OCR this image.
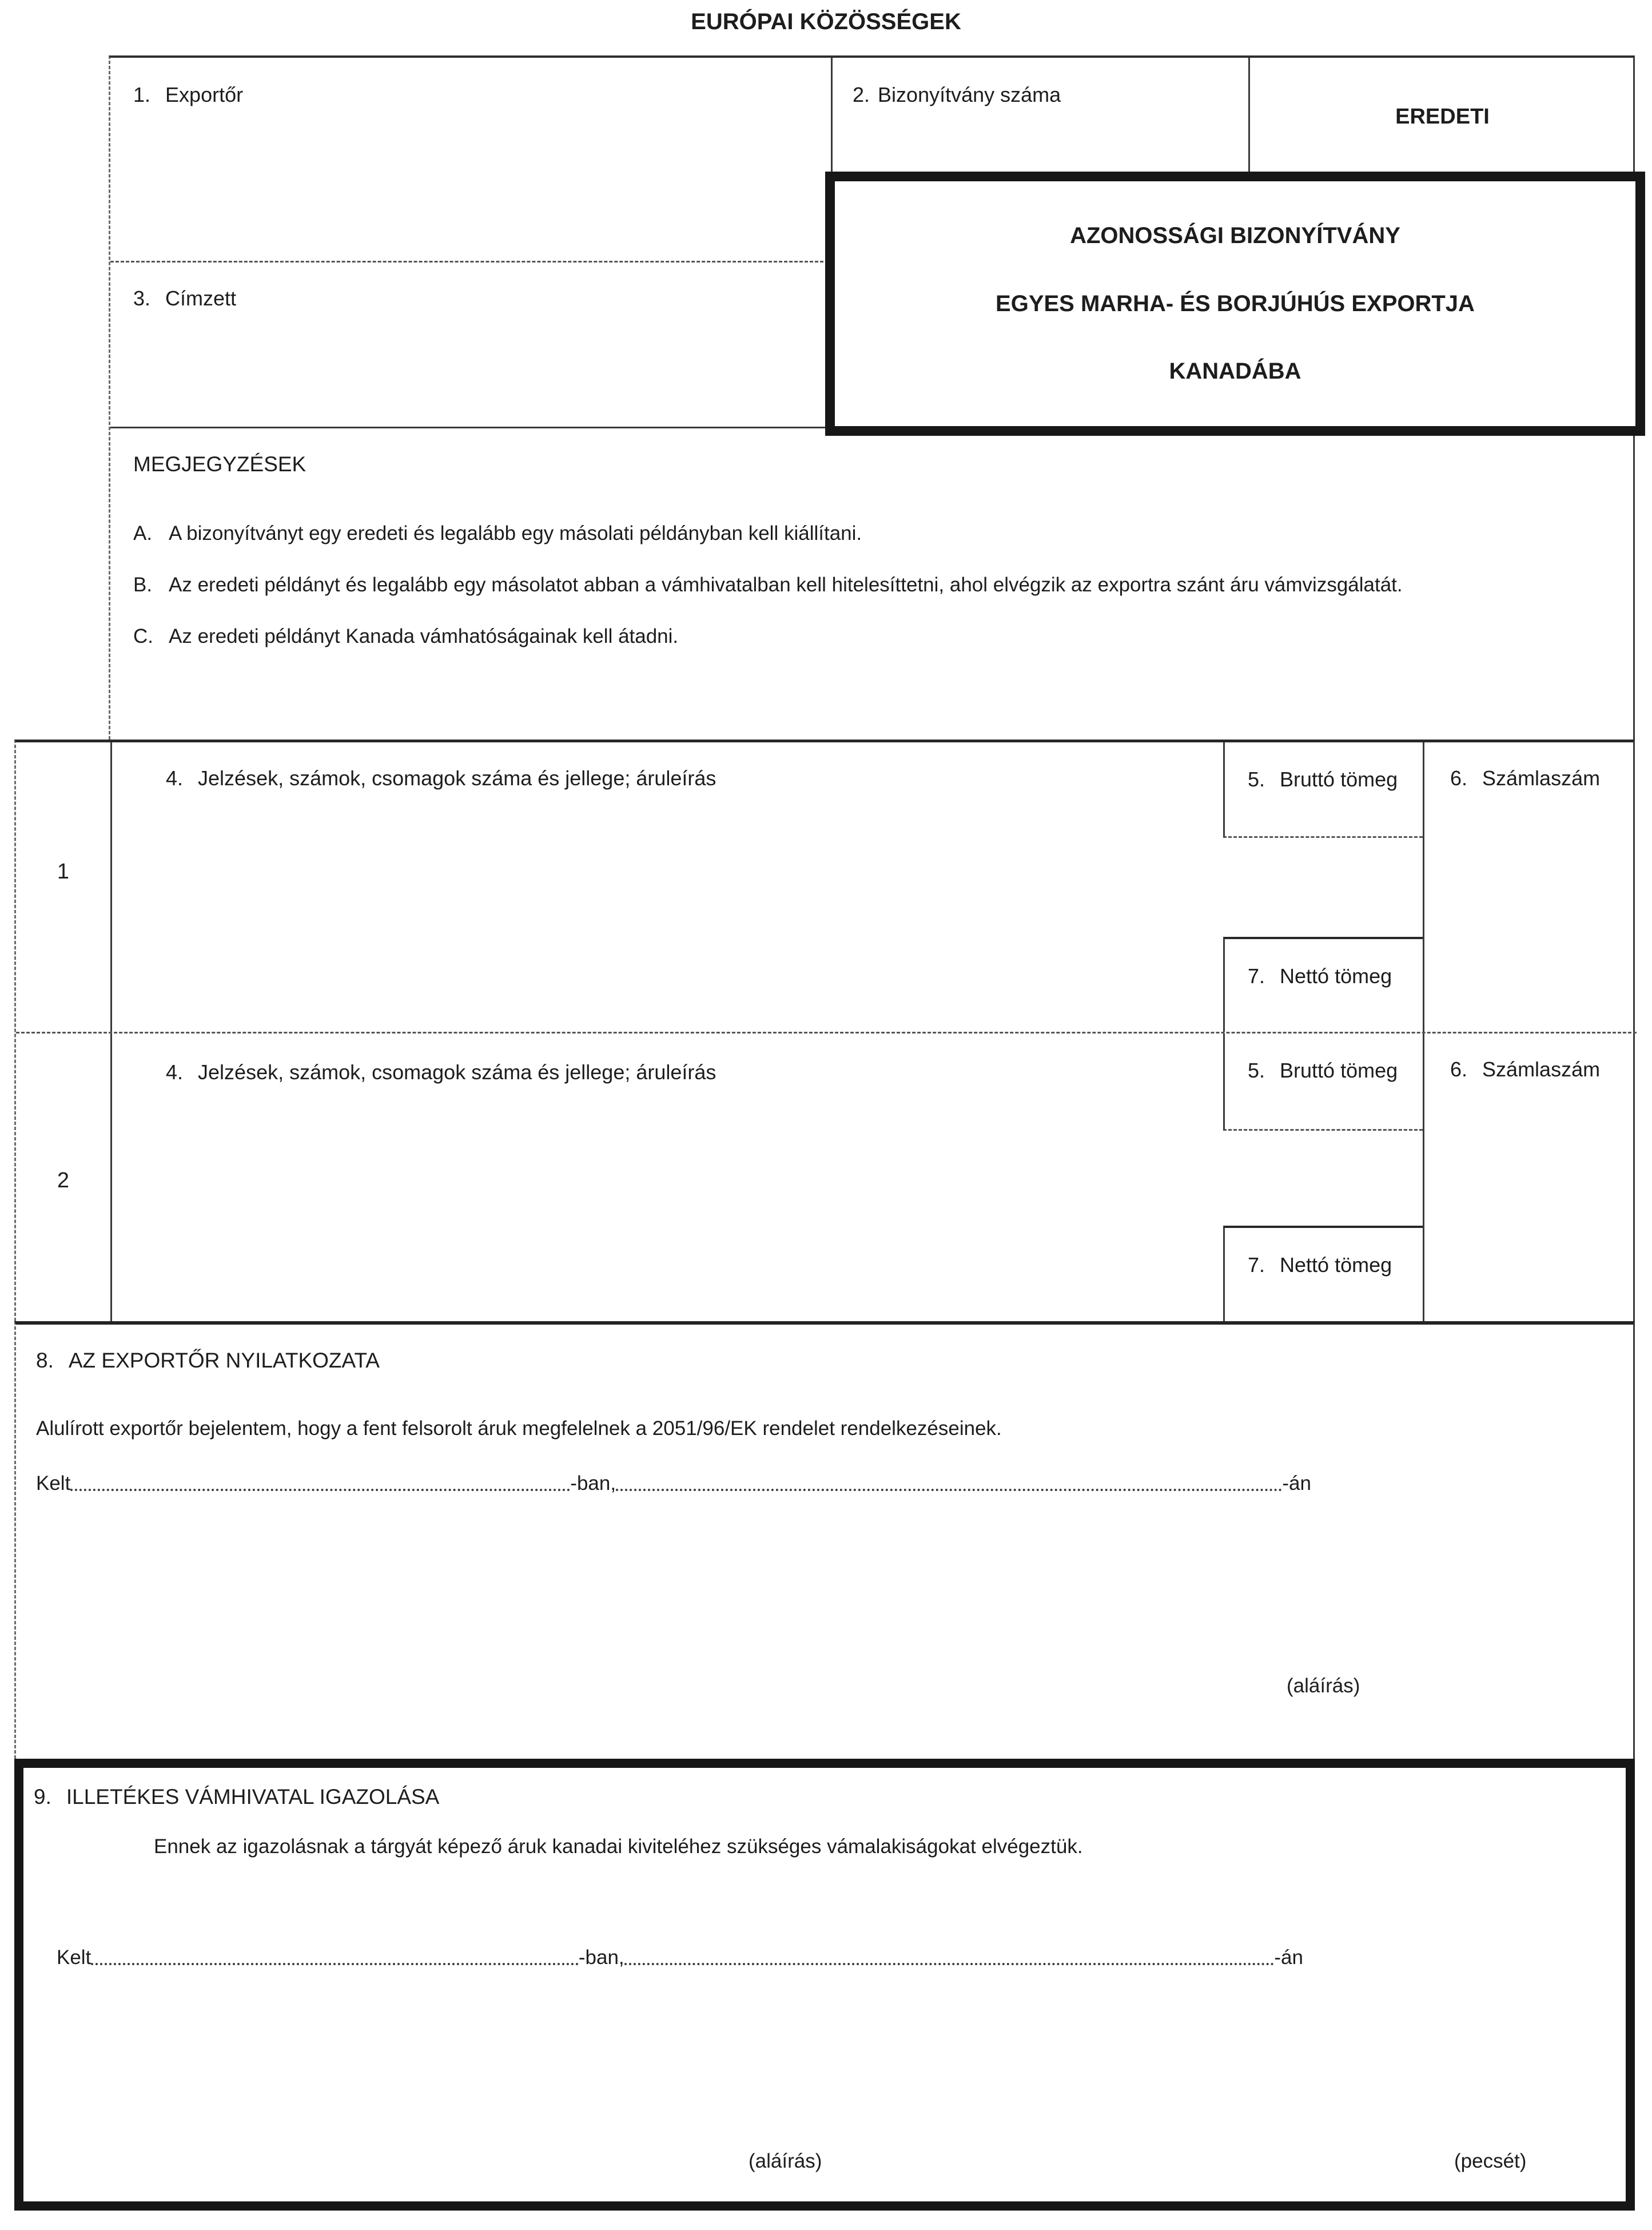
EURÓPAI KÖZÖSSÉGEK
1. Exportőr	2. Bizonyítvány száma
EREDETI
3. Címzett
MEGJEGYZÉSEK
A. A bizonyítványt egy eredeti és legalább egy másolati példányban kell kiállítani.
B. Az eredeti példányt és legalább egy másolatot abban a vámhivatalban kell hitelesíttetni, ahol elvégzik az exportra szánt áru vámvizsgálatát.
C. Az eredeti példányt Kanada vámhatóságainak kell átadni.
AZONOSSÁGI BIZONYÍTVÁNY
EGYES MARHA- ÉS BORJÚHÚS EXPORTJA
KANADÁBA
1
4. Jelzések, számok, csomagok száma és jellege; áruleírás	5. Bruttó tömeg	6. Számlaszám
7. Nettó tömeg
2
4. Jelzések, számok, csomagok száma és jellege; áruleírás	5. Bruttó tömeg	6. Számlaszám
7. Nettó tömeg
8. AZ EXPORTŐR NYILATKOZATA
Alulírott exportőr bejelentem, hogy a fent felsorolt áruk megfelelnek a 2051/96/EK rendelet rendelkezéseinek.
Kelt	-ban,	-án
(aláírás)
9. ILLETÉKES VÁMHIVATAL IGAZOLÁSA
Ennek az igazolásnak a tárgyát képező áruk kanadai kiviteléhez szükséges vámalakiságokat elvégeztük.
Kelt	-ban,	-án
(aláírás)	(pecsét)
